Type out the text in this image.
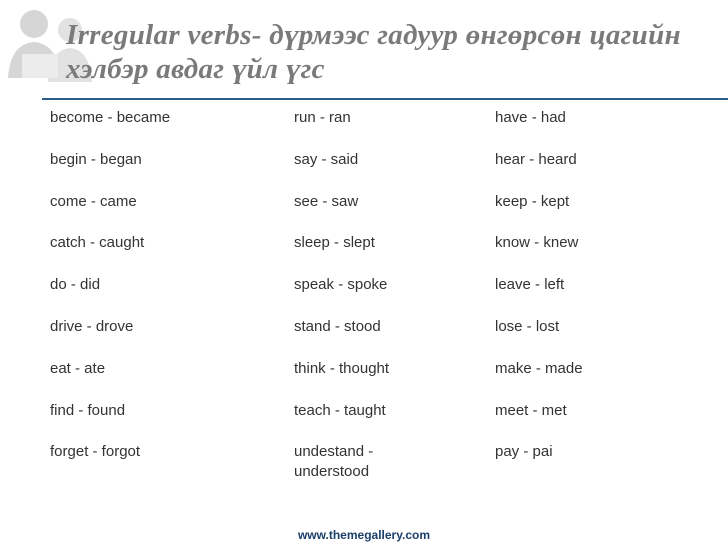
Irregular verbs- дүрмээс гадуур өнгөрсөн цагийн хэлбэр авдаг үйл үгс
become - became
begin - began
come - came
catch - caught
do - did
drive - drove
eat - ate
find - found
forget - forgot
run - ran
say - said
see - saw
sleep - slept
speak - spoke
stand - stood
think - thought
teach - taught
undestand - understood
have - had
hear - heard
keep - kept
know - knew
leave - left
lose - lost
make - made
meet - met
pay - pai
www.themegallery.com
